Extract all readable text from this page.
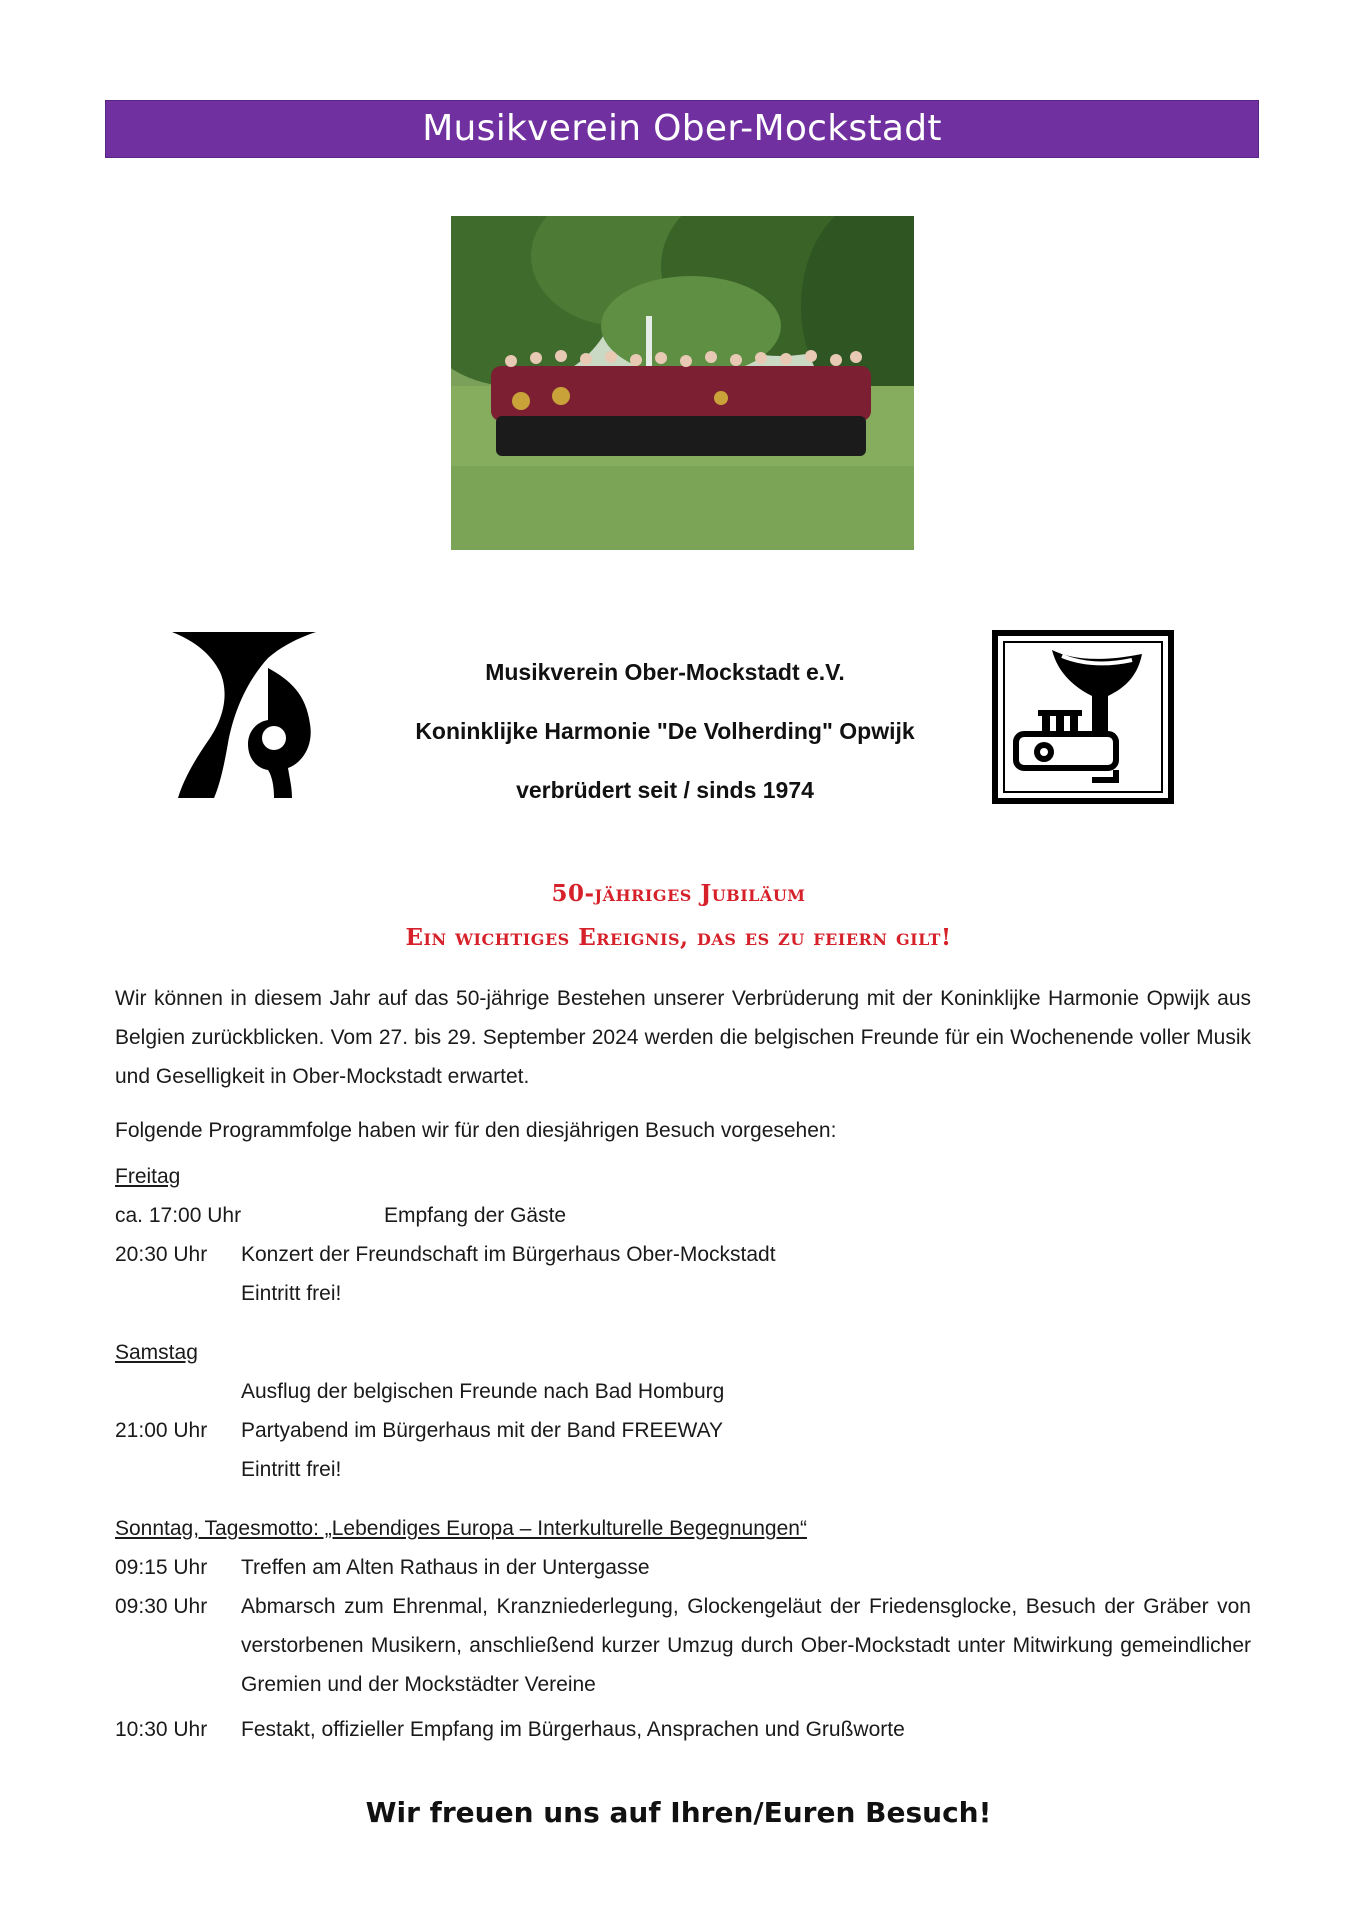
Musikverein Ober-Mockstadt
Musikverein Ober-Mockstadt e.V.
Koninklijke Harmonie "De Volherding" Opwijk
verbrüdert seit / sinds 1974
50-jähriges Jubiläum
Ein wichtiges Ereignis, das es zu feiern gilt!
Wir können in diesem Jahr auf das 50-jährige Bestehen unserer Verbrüderung mit der Koninklijke Harmonie Opwijk aus Belgien zurückblicken. Vom 27. bis 29. September 2024 werden die belgischen Freunde für ein Wochenende voller Musik und Geselligkeit in Ober-Mockstadt erwartet.
Folgende Programmfolge haben wir für den diesjährigen Besuch vorgesehen:
Freitag
ca. 17:00 Uhr	Empfang der Gäste
20:30 Uhr Konzert der Freundschaft im Bürgerhaus Ober-Mockstadt
Eintritt frei!
Samstag
Ausflug der belgischen Freunde nach Bad Homburg
21:00 Uhr Partyabend im Bürgerhaus mit der Band FREEWAY
Eintritt frei!
Sonntag, Tagesmotto: „Lebendiges Europa – Interkulturelle Begegnungen“
09:15 Uhr Treffen am Alten Rathaus in der Untergasse
09:30 Uhr Abmarsch zum Ehrenmal, Kranzniederlegung, Glockengeläut der Friedensglocke, Besuch der Gräber von verstorbenen Musikern, anschließend kurzer Umzug durch Ober-Mockstadt unter Mitwirkung gemeindlicher Gremien und der Mockstädter Vereine
10:30 Uhr Festakt, offizieller Empfang im Bürgerhaus, Ansprachen und Grußworte
Wir freuen uns auf Ihren/Euren Besuch!
